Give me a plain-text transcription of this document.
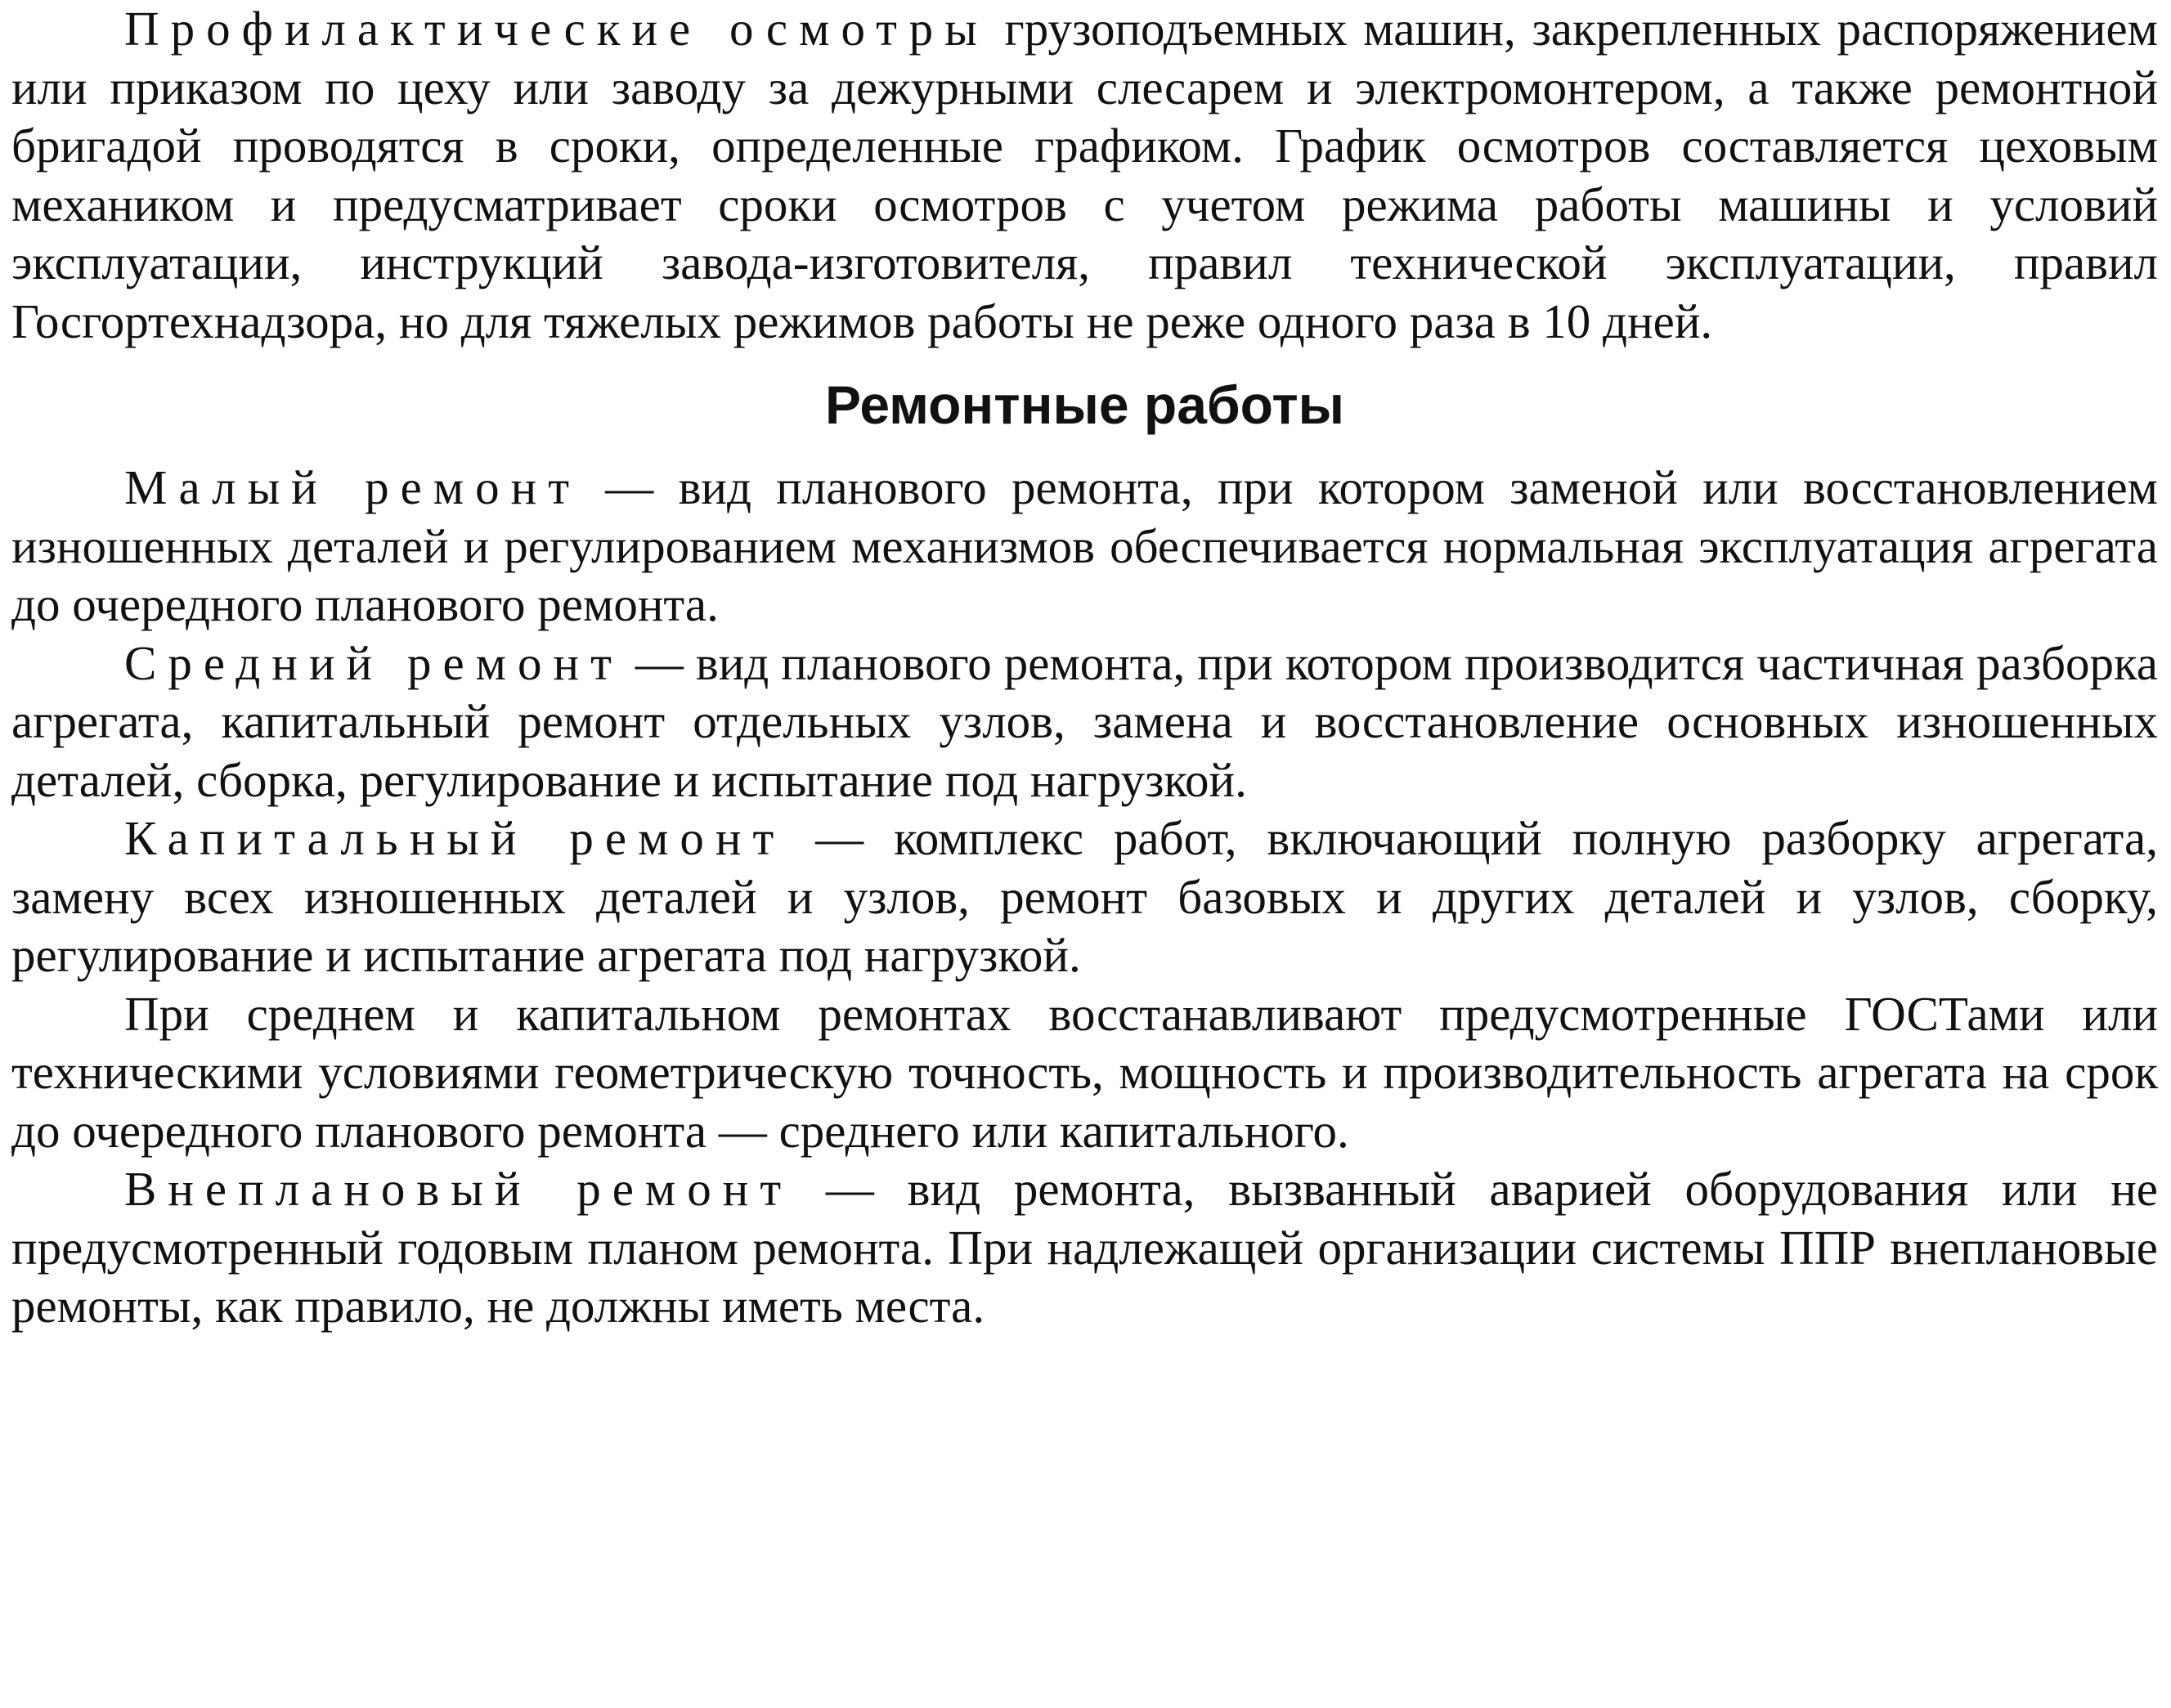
Профилактические осмотры грузоподъемных машин, закрепленных распоряжением или приказом по цеху или заводу за дежурными слесарем и электромонтером, а также ремонтной бригадой проводятся в сроки, определенные графиком. График осмотров составляется цеховым механиком и предусматривает сроки осмотров с учетом режима работы машины и условий эксплуатации, инструкций завода-изготовителя, правил технической эксплуатации, правил Госгортехнадзора, но для тяжелых режимов работы не реже одного раза в 10 дней.

Ремонтные работы

Малый ремонт — вид планового ремонта, при котором заменой или восстановлением изношенных деталей и регулированием механизмов обеспечивается нормальная эксплуатация агрегата до очередного планового ремонта.

Средний ремонт — вид планового ремонта, при котором производится частичная разборка агрегата, капитальный ремонт отдельных узлов, замена и восстановление основных изношенных деталей, сборка, регулирование и испытание под нагрузкой.

Капитальный ремонт — комплекс работ, включающий полную разборку агрегата, замену всех изношенных деталей и узлов, ремонт базовых и других деталей и узлов, сборку, регулирование и испытание агрегата под нагрузкой.

При среднем и капитальном ремонтах восстанавливают предусмотренные ГОСТами или техническими условиями геометрическую точность, мощность и производительность агрегата на срок до очередного планового ремонта — среднего или капитального.

Внеплановый ремонт — вид ремонта, вызванный аварией оборудования или не предусмотренный годовым планом ремонта. При надлежащей организации системы ППР внеплановые ремонты, как правило, не должны иметь места.
